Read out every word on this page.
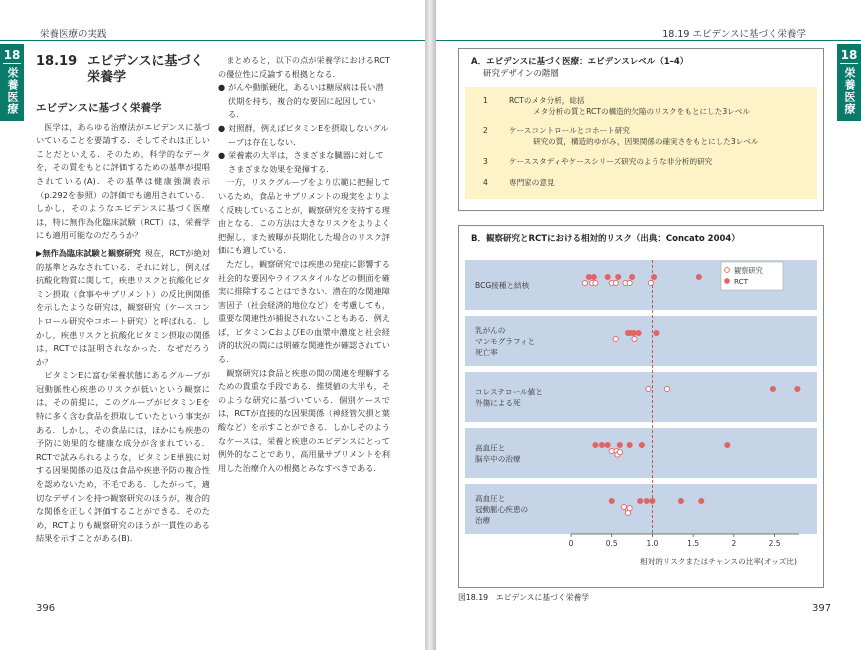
栄養医療の実践
18
栄養医療
18.19 エビデンスに基づく栄養学
エビデンスに基づく栄養学

医学は，あらゆる治療法がエビデンスに基づいていることを要請する．そしてそれは正しいことだといえる．そのため，科学的なデータを，その質をもとに評価するための基準が提唱されている(A)．その基準は健康強調表示（p.292を参照）の評価でも適用されている．しかし，そのようなエビデンスに基づく医療は，特に無作為化臨床試験（RCT）は，栄養学にも適用可能なのだろうか？

▶無作為臨床試験と観察研究 現在，RCTが絶対的基準とみなされている．それに対し，例えば抗酸化物質に関して，疾患リスクと抗酸化ビタミン摂取（食事やサプリメント）の反比例関係を示したような研究は，観察研究（ケースコントロール研究やコホート研究）と呼ばれる．しかし，疾患リスクと抗酸化ビタミン摂取の関係は，RCTでは証明されなかった．なぜだろうか？

ビタミンEに富む栄養状態にあるグループが冠動脈性心疾患のリスクが低いという観察には，その前提に，このグループがビタミンEを特に多く含む食品を摂取していたという事実がある．しかし，その食品には，ほかにも疾患の予防に効果的な健康な成分が含まれている．RCTで試みられるような，ビタミンE単独に対する因果関係の追及は食品や疾患予防の複合性を認めないため，不毛である．したがって，適切なデザインを持つ観察研究のほうが，複合的な関係を正しく評価することができる．そのため，RCTよりも観察研究のほうが一貫性のある結果を示すことがある(B)．

まとめると，以下の点が栄養学におけるRCTの優位性に反論する根拠となる．

● がんや動脈硬化，あるいは糖尿病は長い潜伏期を持ち，複合的な要因に起因している．
● 対照群，例えばビタミンEを摂取しないグループは存在しない．
● 栄養素の大半は，さまざまな臓器に対してさまざまな効果を発揮する．

一方，リスクグループをより広範に把握しているため，食品とサプリメントの現実をよりよく反映していることが，観察研究を支持する理由となる．この方法は大きなリスクをよりよく把握し，また被曝が長期化した場合のリスク評価にも適している．

ただし，観察研究では疾患の発症に影響する社会的な要因やライフスタイルなどの側面を確実に排除することはできない．潜在的な関連障害因子（社会経済的地位など）を考慮しても，重要な関連性が捕捉されないこともある．例えば，ビタミンCおよびEの血漿中濃度と社会経済的状況の間には明確な関連性が確認されている．

観察研究は食品と疾患の間の関連を理解するための貴重な手段である．推奨値の大半も，そのような研究に基づいている．個別ケースでは，RCTが直接的な因果関係（神経管欠損と葉酸など）を示すことができる．しかしそのようなケースは，栄養と疾患のエビデンスにとって例外的なことであり，高用量サプリメントを利用した治療介入の根拠とみなすべきである．

396
18.19 エビデンスに基づく栄養学
18
栄養医療
A．エビデンスに基づく医療：エビデンスレベル（1–4）
研究デザインの階層
1	RCTのメタ分析，総括
メタ分析の質とRCTの構造的欠陥のリスクをもとにした3レベル
2	ケースコントロールとコホート研究
研究の質，構造的ゆがみ，因果関係の確実さをもとにした3レベル
3	ケーススタディやケースシリーズ研究のような非分析的研究
4	専門家の意見
B．観察研究とRCTにおける相対的リスク（出典：Concato 2004）
BCG接種と結核
乳がんのマンモグラフィと死亡率
コレステロール値と外傷による死
高血圧と脳卒中の治療
高血圧と冠動脈心疾患の治療
0	0.5	1.0	1.5	2	2.5
相対的リスクまたはチャンスの比率(オッズ比)
観察研究
RCT
図18.19　エビデンスに基づく栄養学
397
